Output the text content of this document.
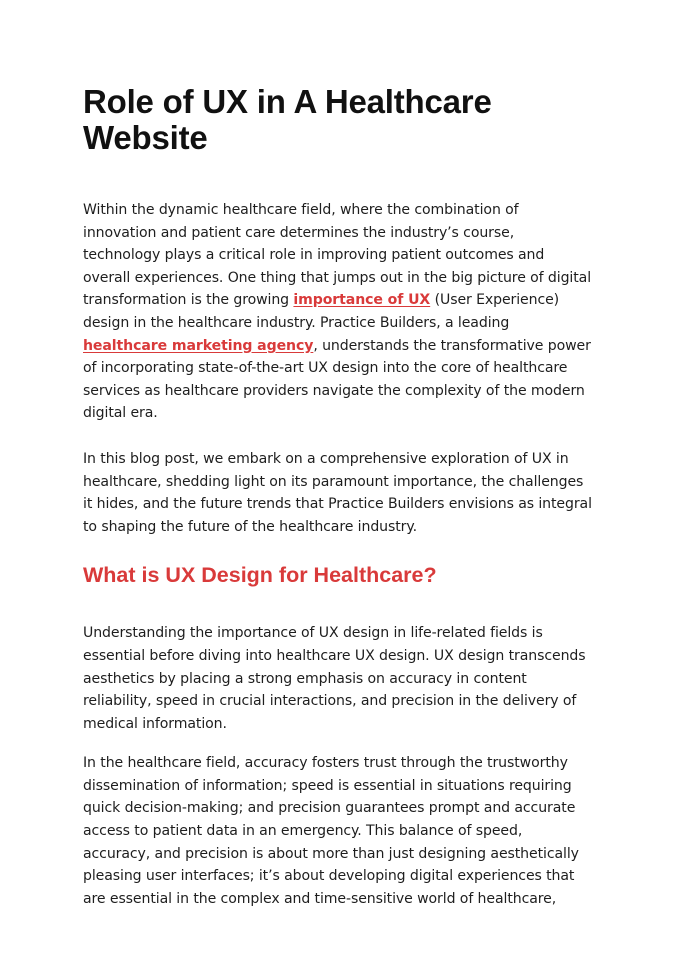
Role of UX in A Healthcare Website

Within the dynamic healthcare field, where the combination of innovation and patient care determines the industry’s course, technology plays a critical role in improving patient outcomes and overall experiences. One thing that jumps out in the big picture of digital transformation is the growing importance of UX (User Experience) design in the healthcare industry. Practice Builders, a leading healthcare marketing agency, understands the transformative power of incorporating state-of-the-art UX design into the core of healthcare services as healthcare providers navigate the complexity of the modern digital era.

In this blog post, we embark on a comprehensive exploration of UX in healthcare, shedding light on its paramount importance, the challenges it hides, and the future trends that Practice Builders envisions as integral to shaping the future of the healthcare industry.

What is UX Design for Healthcare?

Understanding the importance of UX design in life-related fields is essential before diving into healthcare UX design. UX design transcends aesthetics by placing a strong emphasis on accuracy in content reliability, speed in crucial interactions, and precision in the delivery of medical information.

In the healthcare field, accuracy fosters trust through the trustworthy dissemination of information; speed is essential in situations requiring quick decision-making; and precision guarantees prompt and accurate access to patient data in an emergency. This balance of speed, accuracy, and precision is about more than just designing aesthetically pleasing user interfaces; it’s about developing digital experiences that are essential in the complex and time-sensitive world of healthcare,
